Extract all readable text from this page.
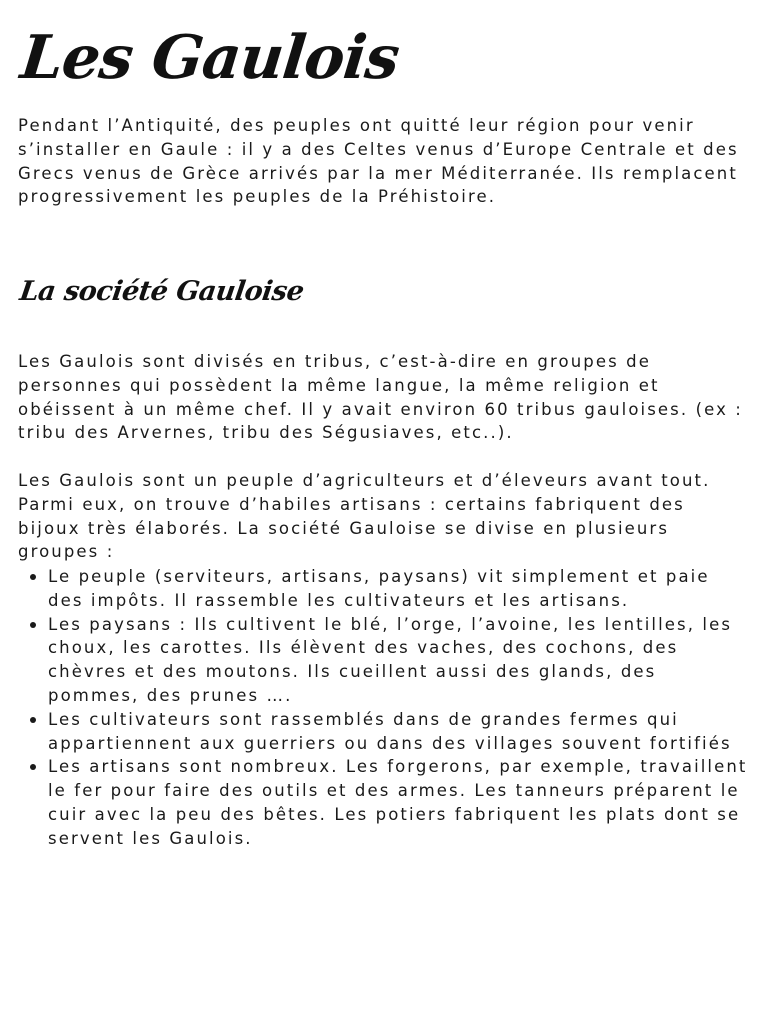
Les Gaulois

Pendant l’Antiquité, des peuples ont quitté leur région pour venir s’installer en Gaule : il y a des Celtes venus d’Europe Centrale et des Grecs venus de Grèce arrivés par la mer Méditerranée. Ils remplacent progressivement les peuples de la Préhistoire.

La société Gauloise

Les Gaulois sont divisés en tribus, c’est-à-dire en groupes de personnes qui possèdent la même langue, la même religion et obéissent à un même chef. Il y avait environ 60 tribus gauloises. (ex : tribu des Arvernes, tribu des Ségusiaves, etc..).

Les Gaulois sont un peuple d’agriculteurs et d’éleveurs avant tout. Parmi eux, on trouve d’habiles artisans : certains fabriquent des bijoux très élaborés. La société Gauloise se divise en plusieurs groupes :

Le peuple (serviteurs, artisans, paysans) vit simplement et paie des impôts. Il rassemble les cultivateurs et les artisans.
Les paysans : Ils cultivent le blé, l’orge, l’avoine, les lentilles, les choux, les carottes. Ils élèvent des vaches, des cochons, des chèvres et des moutons. Ils cueillent aussi des glands, des pommes, des prunes ….
Les cultivateurs sont rassemblés dans de grandes fermes qui appartiennent aux guerriers ou dans des villages souvent fortifiés
Les artisans sont nombreux. Les forgerons, par exemple, travaillent le fer pour faire des outils et des armes. Les tanneurs préparent le cuir avec la peu des bêtes. Les potiers fabriquent les plats dont se servent les Gaulois.
